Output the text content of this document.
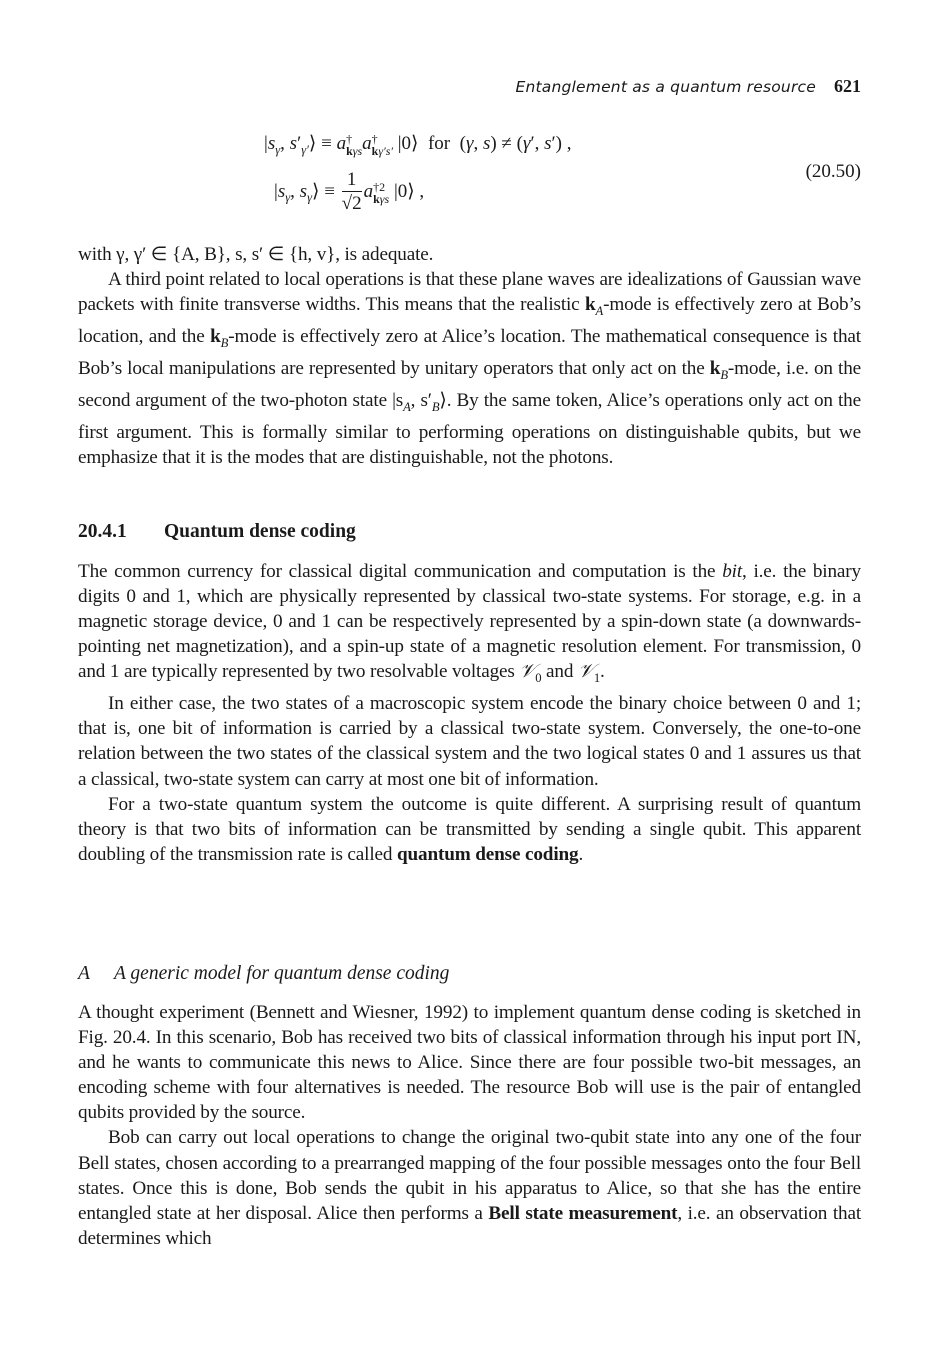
Entanglement as a quantum resource 621
$|s_\gamma$, $s'_{\gamma'}⟩ \equiv a$ †
kγs a †
kγ′s′ |0⟩  for  (γ, s) ≠ (γ′, s′) ,
$|s_\gamma$, $s_\gamma⟩ \equiv \frac{1}{√2}$ a †2
kγs |0⟩ ,
(20.50)

with γ, γ′ ∈ {A, B}, s, s′ ∈ {h, v}, is adequate.

A third point related to local operations is that these plane waves are idealizations of Gaussian wave packets with finite transverse widths. This means that the realistic $k_A$-mode is effectively zero at Bob’s location, and the $k_B$-mode is effectively zero at Alice’s location. The mathematical consequence is that Bob’s local manipulations are represented by unitary operators that only act on the $k_B$-mode, i.e. on the second argument of the two-photon state $|s_A$, $s'_B⟩$. By the same token, Alice’s operations only act on the first argument. This is formally similar to performing operations on distinguishable qubits, but we emphasize that it is the modes that are distinguishable, not the photons.

20.4.1 Quantum dense coding

The common currency for classical digital communication and computation is the bit, i.e. the binary digits 0 and 1, which are physically represented by classical two-state systems. For storage, e.g. in a magnetic storage device, 0 and 1 can be respectively represented by a spin-down state (a downwards-pointing net magnetization), and a spin-up state of a magnetic resolution element. For transmission, 0 and 1 are typically represented by two resolvable voltages 𝒱$_0$ and 𝒱$_1$.

In either case, the two states of a macroscopic system encode the binary choice between 0 and 1; that is, one bit of information is carried by a classical two-state system. Conversely, the one-to-one relation between the two states of the classical system and the two logical states 0 and 1 assures us that a classical, two-state system can carry at most one bit of information.

For a two-state quantum system the outcome is quite different. A surprising result of quantum theory is that two bits of information can be transmitted by sending a single qubit. This apparent doubling of the transmission rate is called quantum dense coding.

A A generic model for quantum dense coding

A thought experiment (Bennett and Wiesner, 1992) to implement quantum dense coding is sketched in Fig. 20.4. In this scenario, Bob has received two bits of classical information through his input port IN, and he wants to communicate this news to Alice. Since there are four possible two-bit messages, an encoding scheme with four alternatives is needed. The resource Bob will use is the pair of entangled qubits provided by the source.

Bob can carry out local operations to change the original two-qubit state into any one of the four Bell states, chosen according to a prearranged mapping of the four possible messages onto the four Bell states. Once this is done, Bob sends the qubit in his apparatus to Alice, so that she has the entire entangled state at her disposal. Alice then performs a Bell state measurement, i.e. an observation that determines which
